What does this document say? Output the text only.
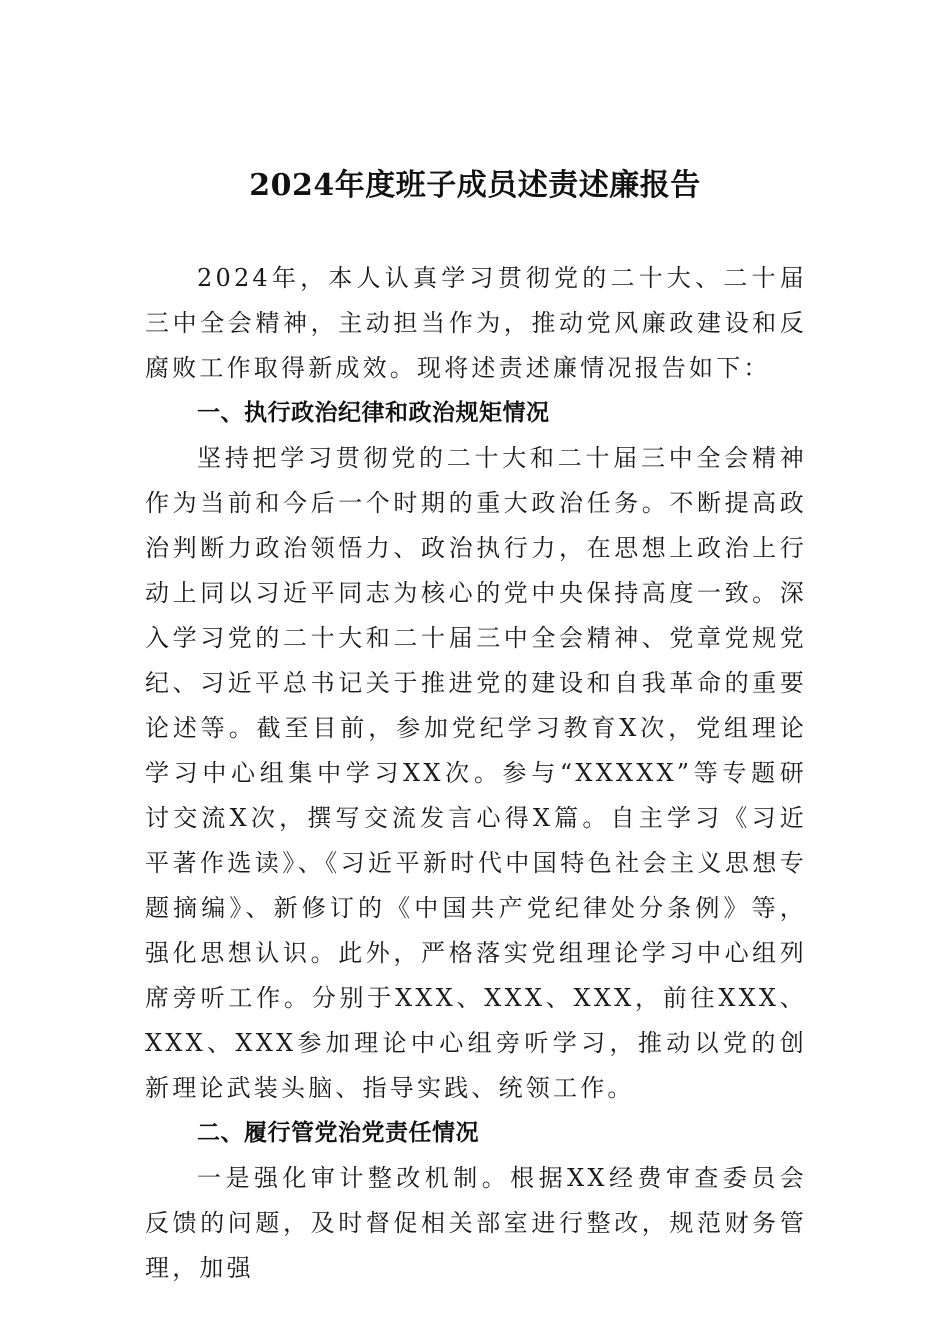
2024年度班子成员述责述廉报告

2024年，本人认真学习贯彻党的二十大、二十届三中全会精神，主动担当作为，推动党风廉政建设和反腐败工作取得新成效。现将述责述廉情况报告如下：

一、执行政治纪律和政治规矩情况

坚持把学习贯彻党的二十大和二十届三中全会精神作为当前和今后一个时期的重大政治任务。不断提高政治判断力政治领悟力、政治执行力，在思想上政治上行动上同以习近平同志为核心的党中央保持高度一致。深入学习党的二十大和二十届三中全会精神、党章党规党纪、习近平总书记关于推进党的建设和自我革命的重要论述等。截至目前，参加党纪学习教育X次，党组理论学习中心组集中学习XX次。参与“XXXXX”等专题研讨交流X次，撰写交流发言心得X篇。自主学习《习近平著作选读》、《习近平新时代中国特色社会主义思想专题摘编》、新修订的《中国共产党纪律处分条例》等，强化思想认识。此外，严格落实党组理论学习中心组列席旁听工作。分别于XXX、XXX、XXX，前往XXX、XXX、XXX参加理论中心组旁听学习，推动以党的创新理论武装头脑、指导实践、统领工作。

二、履行管党治党责任情况

一是强化审计整改机制。根据XX经费审查委员会反馈的问题，及时督促相关部室进行整改，规范财务管理，加强
